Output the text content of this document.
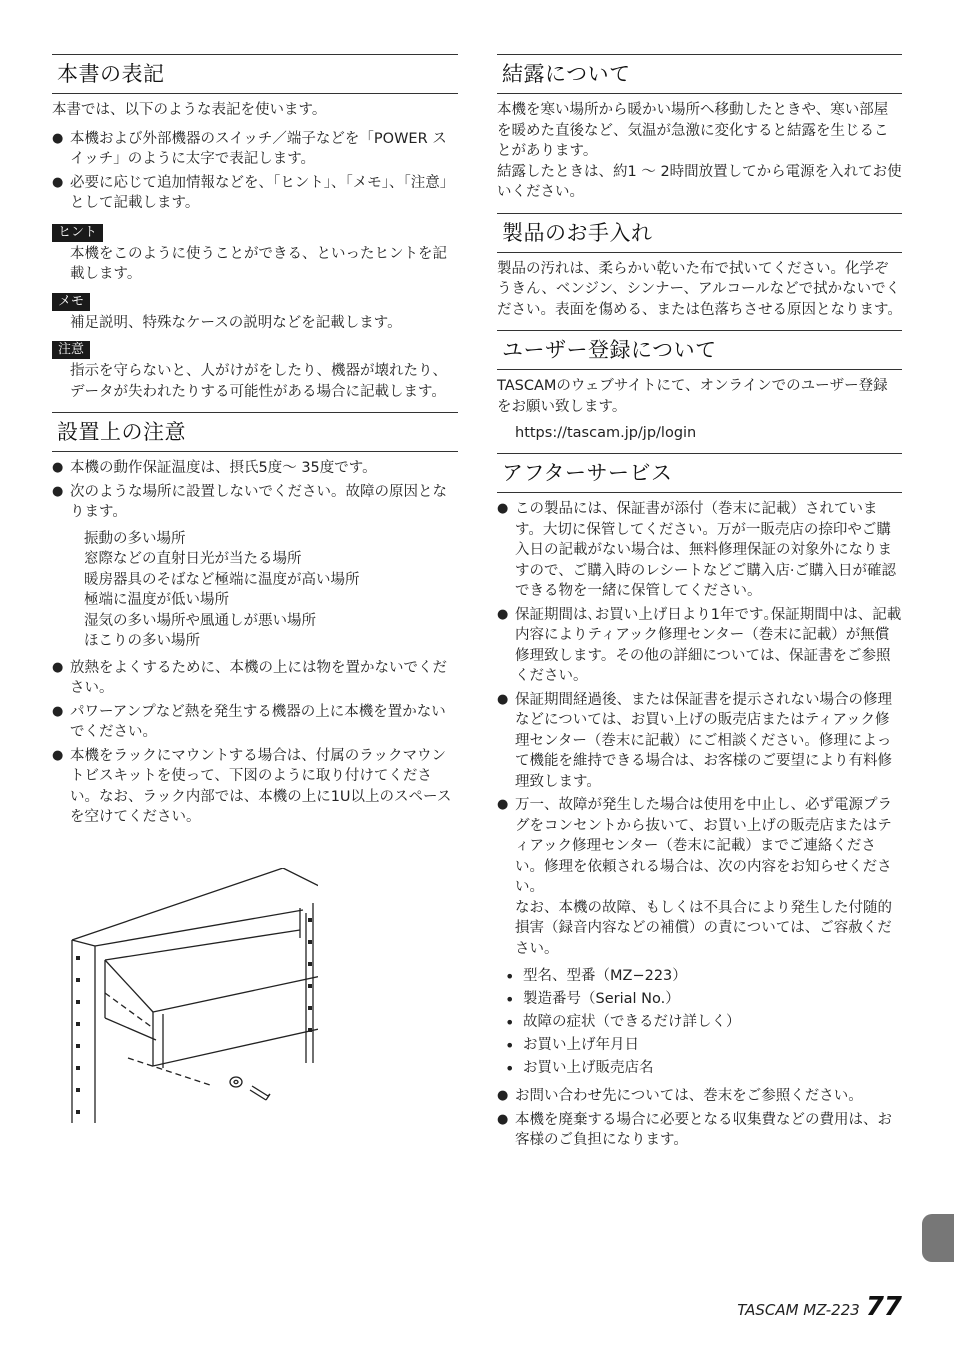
本書の表記

本書では、以下のような表記を使います。

● 本機および外部機器のスイッチ／端子などを「POWER スイッチ」のように太字で表記します。
● 必要に応じて追加情報などを、「ヒント」、「メモ」、「注意」として記載します。
ヒント
本機をこのように使うことができる、といったヒントを記載します。
メモ
補足説明、特殊なケースの説明などを記載します。
注意
指示を守らないと、人がけがをしたり、機器が壊れたり、データが失われたりする可能性がある場合に記載します。
設置上の注意
● 本機の動作保証温度は、摂氏5度〜 35度です。
● 次のような場所に設置しないでください。故障の原因となります。
振動の多い場所
窓際などの直射日光が当たる場所
暖房器具のそばなど極端に温度が高い場所
極端に温度が低い場所
湿気の多い場所や風通しが悪い場所
ほこりの多い場所
● 放熱をよくするために、本機の上には物を置かないでください。
● パワーアンプなど熱を発生する機器の上に本機を置かないでください。
● 本機をラックにマウントする場合は、付属のラックマウントビスキットを使って、下図のように取り付けてください。なお、ラック内部では、本機の上に1U以上のスペースを空けてください。
結露について

本機を寒い場所から暖かい場所へ移動したときや、寒い部屋を暖めた直後など、気温が急激に変化すると結露を生じることがあります。

結露したときは、約1 〜 2時間放置してから電源を入れてお使いください。

製品のお手入れ

製品の汚れは、柔らかい乾いた布で拭いてください。化学ぞうきん、ベンジン、シンナー、アルコールなどで拭かないでください。表面を傷める、または色落ちさせる原因となります。

ユーザー登録について

TASCAMのウェブサイトにて、オンラインでのユーザー登録をお願い致します。

https://tascam.jp/jp/login
アフターサービス
● この製品には、保証書が添付（巻末に記載）されています。大切に保管してください。万が一販売店の捺印やご購入日の記載がない場合は、無料修理保証の対象外になりますので、ご購入時のレシートなどご購入店·ご購入日が確認できる物を一緒に保管してください。
● 保証期間は､お買い上げ日より1年です｡保証期間中は、記載内容によりティアック修理センター（巻末に記載）が無償修理致します。その他の詳細については、保証書をご参照ください。
● 保証期間経過後、または保証書を提示されない場合の修理などについては、お買い上げの販売店またはティアック修理センター（巻末に記載）にご相談ください。修理によって機能を維持できる場合は、お客様のご要望により有料修理致します。
● 万一、故障が発生した場合は使用を中止し、必ず電源プラグをコンセントから抜いて、お買い上げの販売店またはティアック修理センター（巻末に記載）までご連絡ください。修理を依頼される場合は、次の内容をお知らせください。
なお、本機の故障、もしくは不具合により発生した付随的損害（録音内容などの補償）の責については、ご容赦ください。
• 型名、型番（MZ−223）
• 製造番号（Serial No.）
• 故障の症状（できるだけ詳しく）
• お買い上げ年月日
• お買い上げ販売店名
● お問い合わせ先については、巻末をご参照ください。
● 本機を廃棄する場合に必要となる収集費などの費用は、お客様のご負担になります。
TASCAM MZ-223 77
